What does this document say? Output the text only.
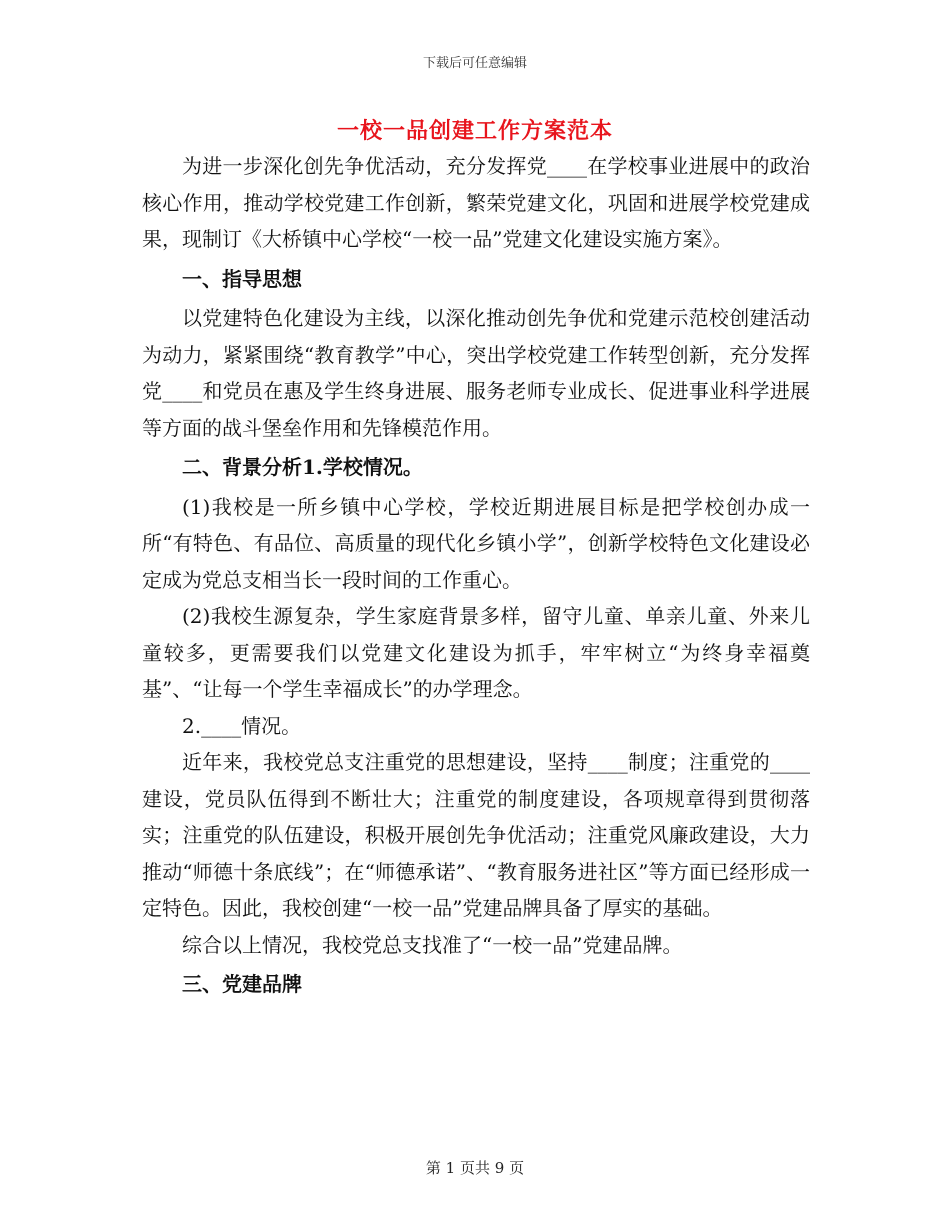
下载后可任意编辑
一校一品创建工作方案范本

为进一步深化创先争优活动，充分发挥党____在学校事业进展中的政治核心作用，推动学校党建工作创新，繁荣党建文化，巩固和进展学校党建成果，现制订《大桥镇中心学校“一校一品”党建文化建设实施方案》。

一、指导思想

以党建特色化建设为主线，以深化推动创先争优和党建示范校创建活动为动力，紧紧围绕“教育教学”中心，突出学校党建工作转型创新，充分发挥党____和党员在惠及学生终身进展、服务老师专业成长、促进事业科学进展等方面的战斗堡垒作用和先锋模范作用。

二、背景分析1.学校情况。

(1)我校是一所乡镇中心学校，学校近期进展目标是把学校创办成一所“有特色、有品位、高质量的现代化乡镇小学”，创新学校特色文化建设必定成为党总支相当长一段时间的工作重心。

(2)我校生源复杂，学生家庭背景多样，留守儿童、单亲儿童、外来儿童较多，更需要我们以党建文化建设为抓手，牢牢树立“为终身幸福奠基”、“让每一个学生幸福成长”的办学理念。

2.____情况。

近年来，我校党总支注重党的思想建设，坚持____制度；注重党的____建设，党员队伍得到不断壮大；注重党的制度建设，各项规章得到贯彻落实；注重党的队伍建设，积极开展创先争优活动；注重党风廉政建设，大力推动“师德十条底线”；在“师德承诺”、“教育服务进社区”等方面已经形成一定特色。因此，我校创建“一校一品”党建品牌具备了厚实的基础。

综合以上情况，我校党总支找准了“一校一品”党建品牌。

三、党建品牌

第 1 页共 9 页
